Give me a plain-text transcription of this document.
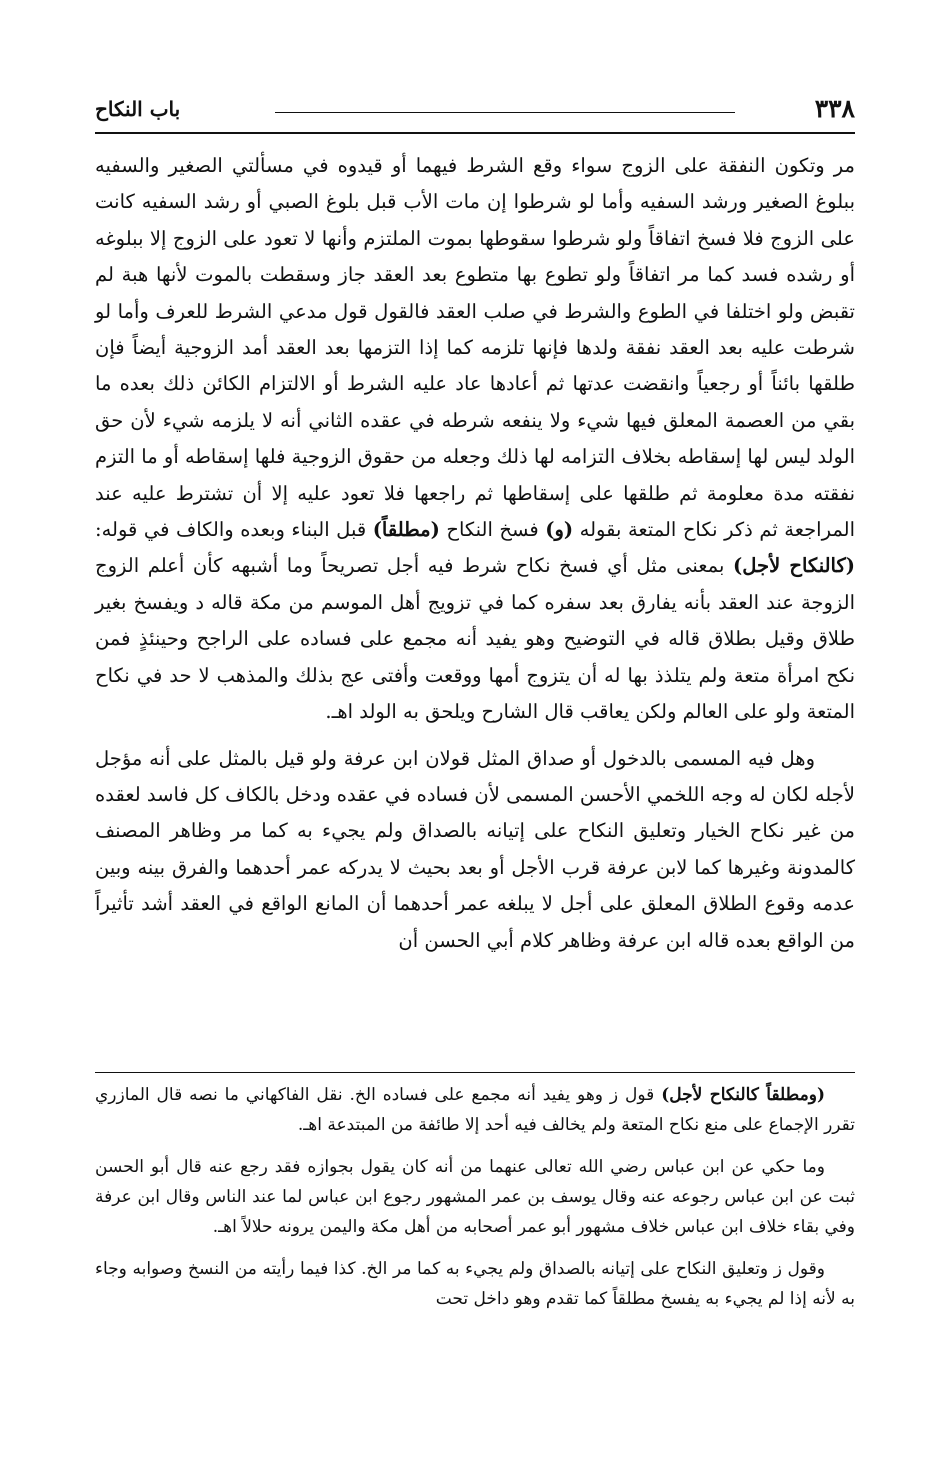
٣٣٨
باب النكاح

مر وتكون النفقة على الزوج سواء وقع الشرط فيهما أو قيدوه في مسألتي الصغير والسفيه ببلوغ الصغير ورشد السفيه وأما لو شرطوا إن مات الأب قبل بلوغ الصبي أو رشد السفيه كانت على الزوج فلا فسخ اتفاقاً ولو شرطوا سقوطها بموت الملتزم وأنها لا تعود على الزوج إلا ببلوغه أو رشده فسد كما مر اتفاقاً ولو تطوع بها متطوع بعد العقد جاز وسقطت بالموت لأنها هبة لم تقبض ولو اختلفا في الطوع والشرط في صلب العقد فالقول قول مدعي الشرط للعرف وأما لو شرطت عليه بعد العقد نفقة ولدها فإنها تلزمه كما إذا التزمها بعد العقد أمد الزوجية أيضاً فإن طلقها بائناً أو رجعياً وانقضت عدتها ثم أعادها عاد عليه الشرط أو الالتزام الكائن ذلك بعده ما بقي من العصمة المعلق فيها شيء ولا ينفعه شرطه في عقده الثاني أنه لا يلزمه شيء لأن حق الولد ليس لها إسقاطه بخلاف التزامه لها ذلك وجعله من حقوق الزوجية فلها إسقاطه أو ما التزم نفقته مدة معلومة ثم طلقها على إسقاطها ثم راجعها فلا تعود عليه إلا أن تشترط عليه عند المراجعة ثم ذكر نكاح المتعة بقوله (و) فسخ النكاح (مطلقاً) قبل البناء وبعده والكاف في قوله: (كالنكاح لأجل) بمعنى مثل أي فسخ نكاح شرط فيه أجل تصريحاً وما أشبهه كأن أعلم الزوج الزوجة عند العقد بأنه يفارق بعد سفره كما في تزويج أهل الموسم من مكة قاله د ويفسخ بغير طلاق وقيل بطلاق قاله في التوضيح وهو يفيد أنه مجمع على فساده على الراجح وحينئذٍ فمن نكح امرأة متعة ولم يتلذذ بها له أن يتزوج أمها ووقعت وأفتى عج بذلك والمذهب لا حد في نكاح المتعة ولو على العالم ولكن يعاقب قال الشارح ويلحق به الولد اهـ.

وهل فيه المسمى بالدخول أو صداق المثل قولان ابن عرفة ولو قيل بالمثل على أنه مؤجل لأجله لكان له وجه اللخمي الأحسن المسمى لأن فساده في عقده ودخل بالكاف كل فاسد لعقده من غير نكاح الخيار وتعليق النكاح على إتيانه بالصداق ولم يجيء به كما مر وظاهر المصنف كالمدونة وغيرها كما لابن عرفة قرب الأجل أو بعد بحيث لا يدركه عمر أحدهما والفرق بينه وبين عدمه وقوع الطلاق المعلق على أجل لا يبلغه عمر أحدهما أن المانع الواقع في العقد أشد تأثيراً من الواقع بعده قاله ابن عرفة وظاهر كلام أبي الحسن أن

(ومطلقاً كالنكاح لأجل) قول ز وهو يفيد أنه مجمع على فساده الخ. نقل الفاكهاني ما نصه قال المازري تقرر الإجماع على منع نكاح المتعة ولم يخالف فيه أحد إلا طائفة من المبتدعة اهـ.

وما حكي عن ابن عباس رضي الله تعالى عنهما من أنه كان يقول بجوازه فقد رجع عنه قال أبو الحسن ثبت عن ابن عباس رجوعه عنه وقال يوسف بن عمر المشهور رجوع ابن عباس لما عند الناس وقال ابن عرفة وفي بقاء خلاف ابن عباس خلاف مشهور أبو عمر أصحابه من أهل مكة واليمن يرونه حلالاً اهـ.

وقول ز وتعليق النكاح على إتيانه بالصداق ولم يجيء به كما مر الخ. كذا فيما رأيته من النسخ وصوابه وجاء به لأنه إذا لم يجيء به يفسخ مطلقاً كما تقدم وهو داخل تحت
